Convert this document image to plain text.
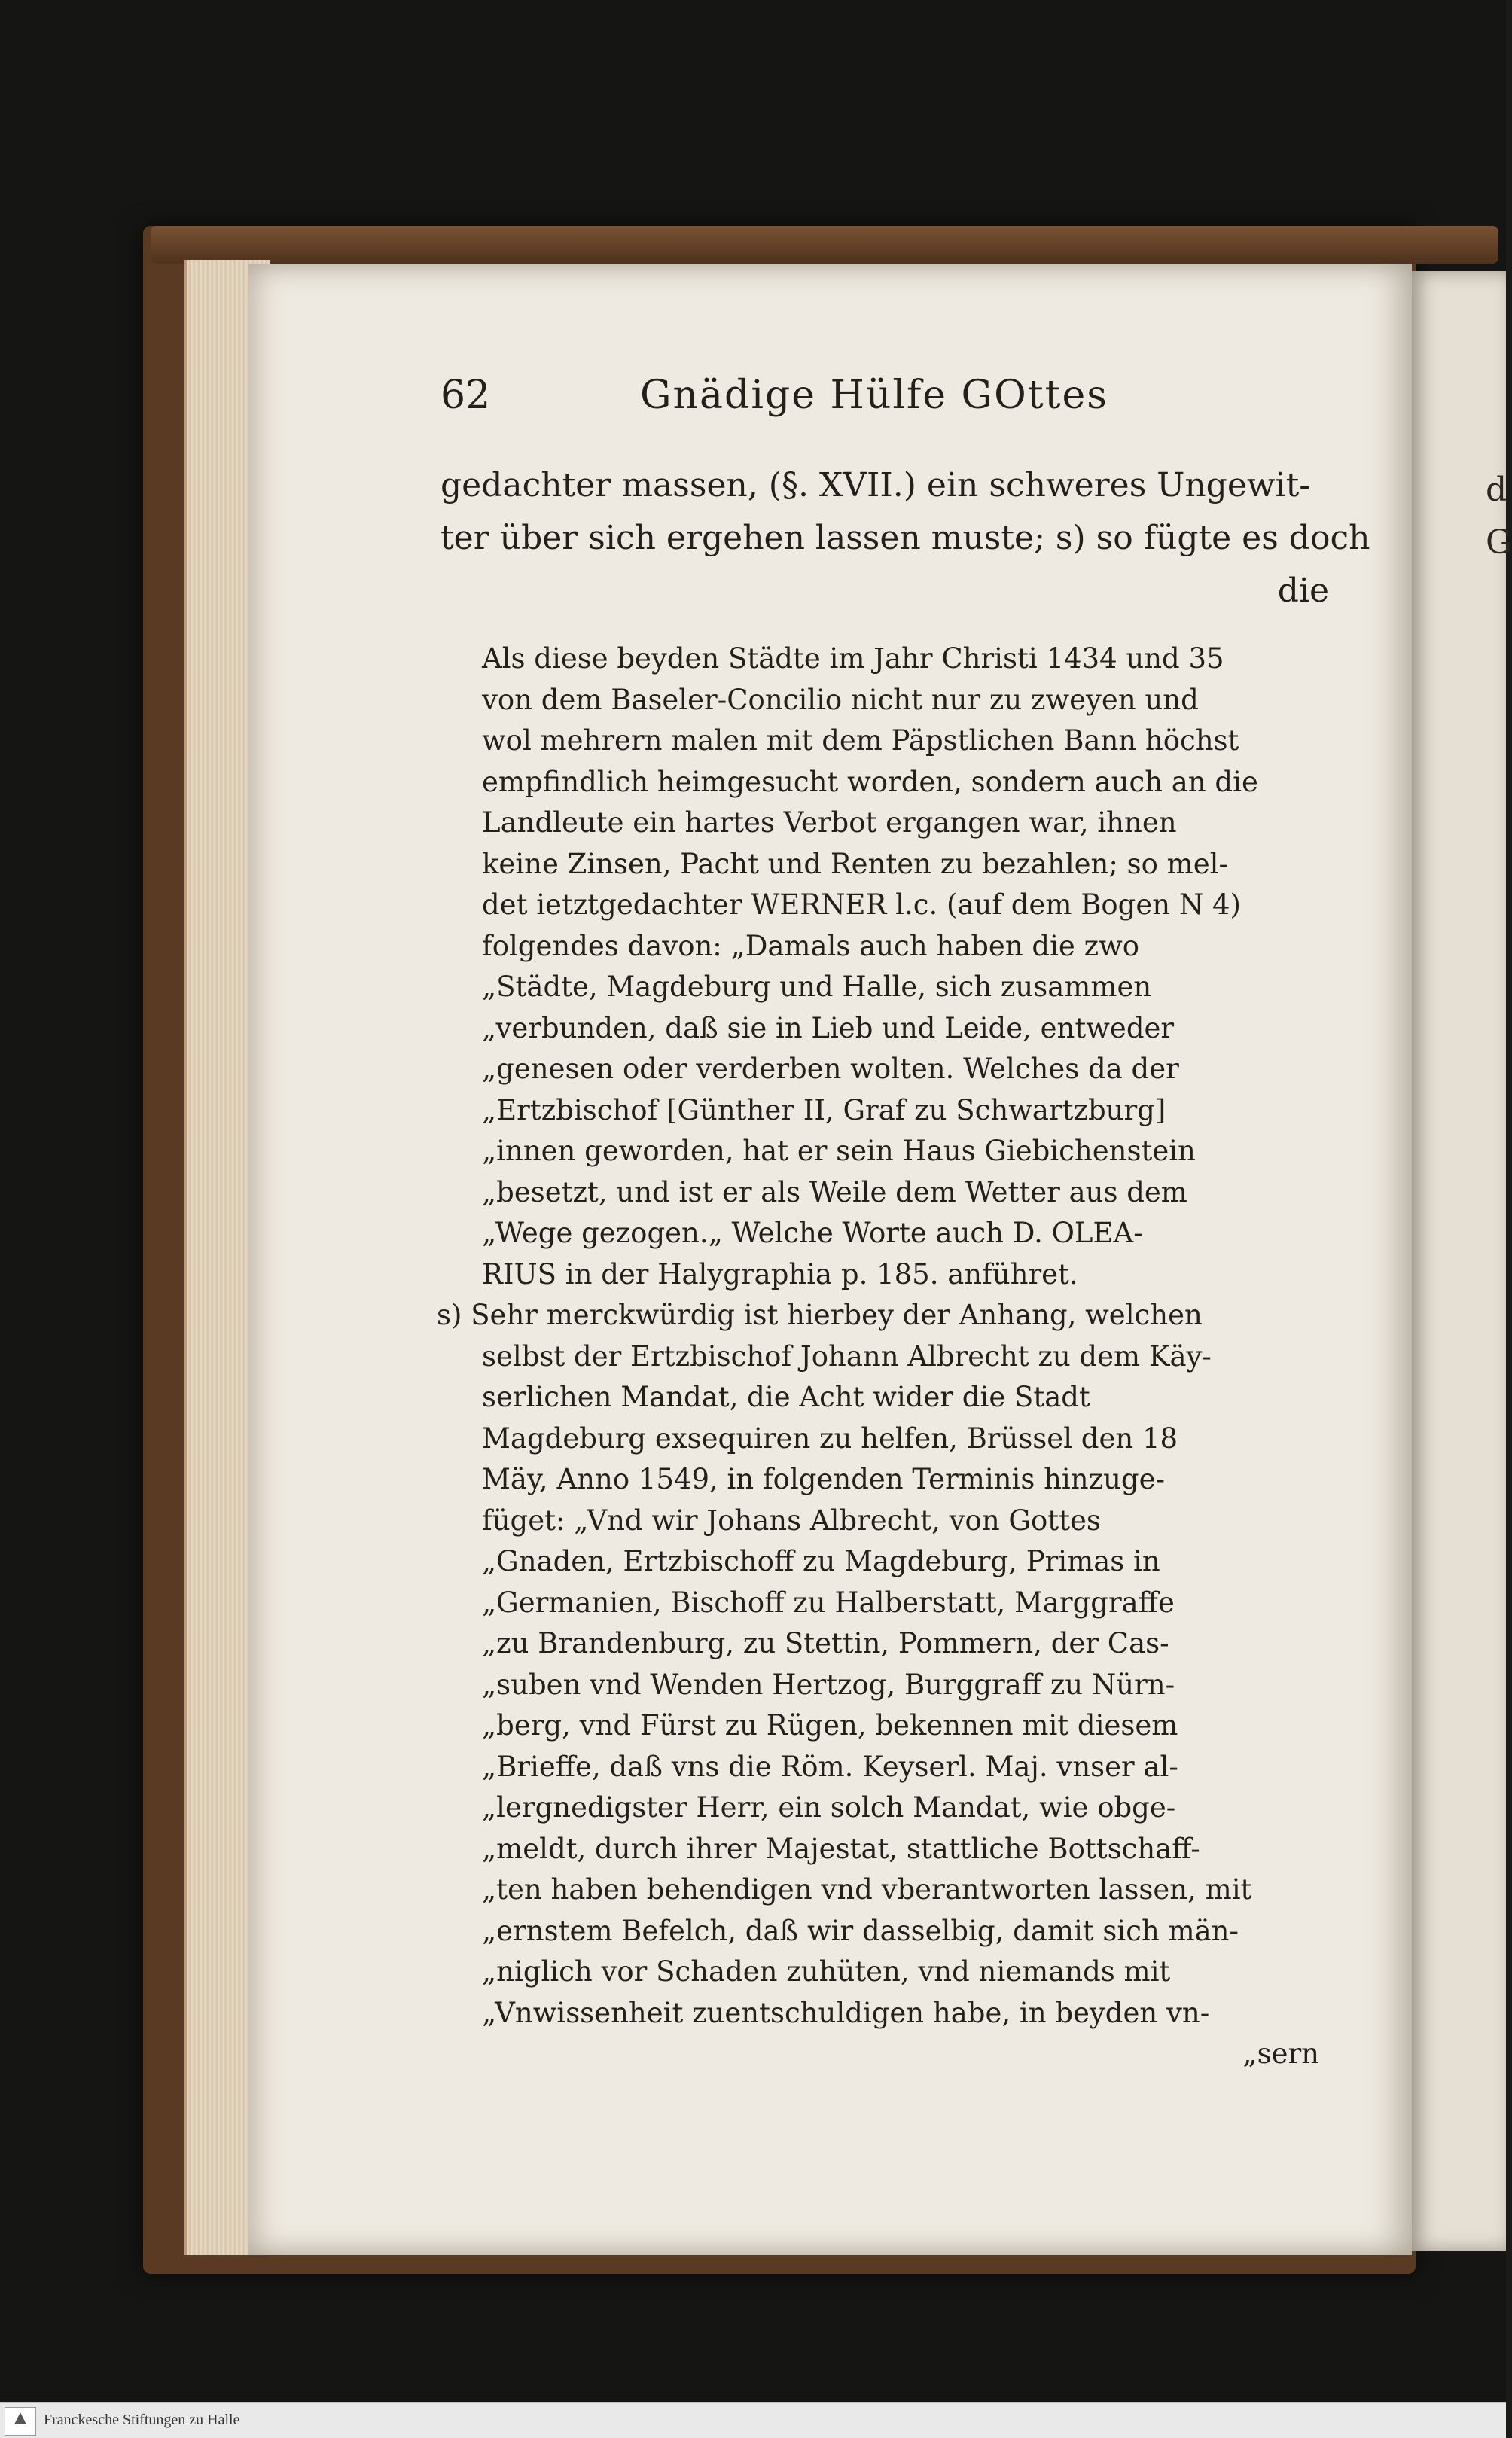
d
G
62	Gnädige Hülfe GOttes
gedachter massen, (§. XVII.) ein schweres Ungewit-
ter über sich ergehen lassen muste; s) so fügte es doch
die
Als diese beyden Städte im Jahr Christi 1434 und 35
von dem Baseler-Concilio nicht nur zu zweyen und
wol mehrern malen mit dem Päpstlichen Bann höchst
empfindlich heimgesucht worden, sondern auch an die
Landleute ein hartes Verbot ergangen war, ihnen
keine Zinsen, Pacht und Renten zu bezahlen; so mel-
det ietztgedachter WERNER l.c. (auf dem Bogen N 4)
folgendes davon: „Damals auch haben die zwo
„Städte, Magdeburg und Halle, sich zusammen
„verbunden, daß sie in Lieb und Leide, entweder
„genesen oder verderben wolten. Welches da der
„Ertzbischof [Günther II, Graf zu Schwartzburg]
„innen geworden, hat er sein Haus Giebichenstein
„besetzt, und ist er als Weile dem Wetter aus dem
„Wege gezogen.„ Welche Worte auch D. OLEA-
RIUS in der Halygraphia p. 185. anführet.
s) Sehr merckwürdig ist hierbey der Anhang, welchen
selbst der Ertzbischof Johann Albrecht zu dem Käy-
serlichen Mandat, die Acht wider die Stadt
Magdeburg exsequiren zu helfen, Brüssel den 18
Mäy, Anno 1549, in folgenden Terminis hinzuge-
füget: „Vnd wir Johans Albrecht, von Gottes
„Gnaden, Ertzbischoff zu Magdeburg, Primas in
„Germanien, Bischoff zu Halberstatt, Marggraffe
„zu Brandenburg, zu Stettin, Pommern, der Cas-
„suben vnd Wenden Hertzog, Burggraff zu Nürn-
„berg, vnd Fürst zu Rügen, bekennen mit diesem
„Brieffe, daß vns die Röm. Keyserl. Maj. vnser al-
„lergnedigster Herr, ein solch Mandat, wie obge-
„meldt, durch ihrer Majestat, stattliche Bottschaff-
„ten haben behendigen vnd vberantworten lassen, mit
„ernstem Befelch, daß wir dasselbig, damit sich män-
„niglich vor Schaden zuhüten, vnd niemands mit
„Vnwissenheit zuentschuldigen habe, in beyden vn-
„sern
Franckesche Stiftungen zu Halle
